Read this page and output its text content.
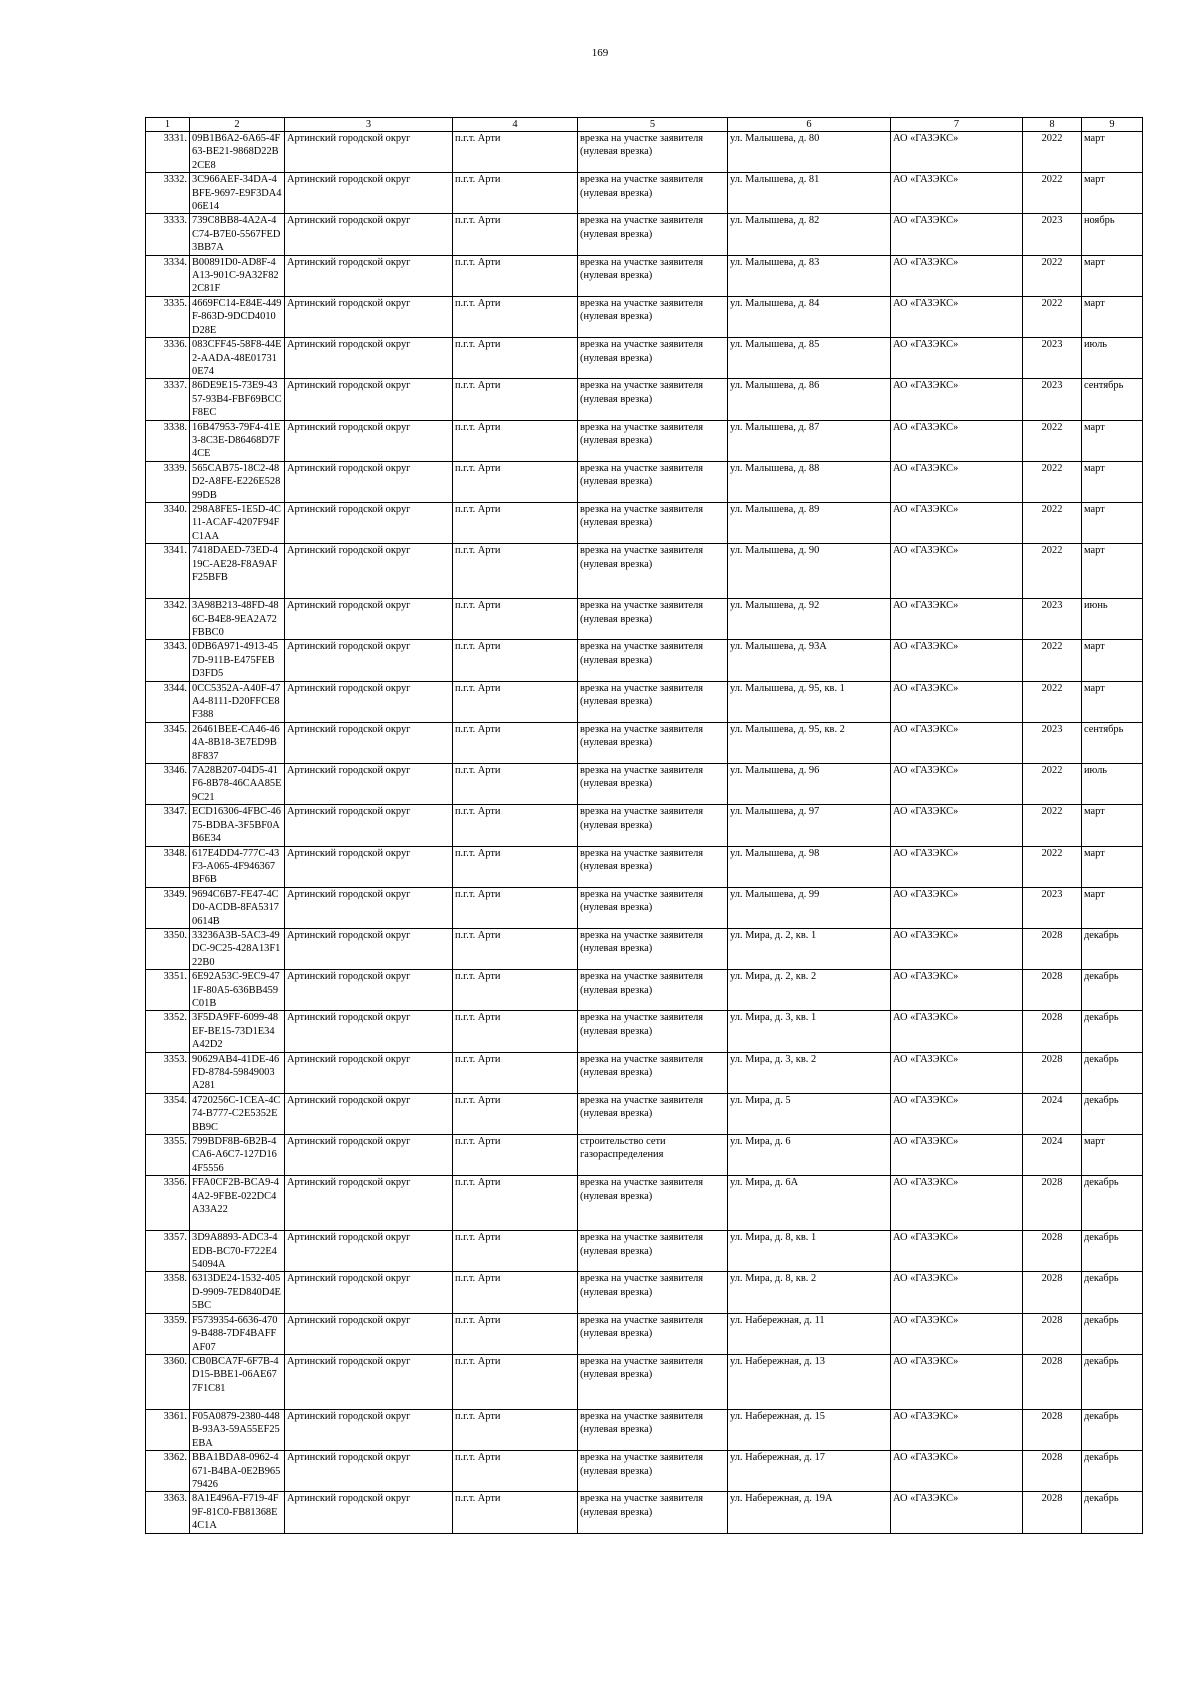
169
1	2	3	4	5	6	7	8	9
3331.	09B1B6A2-6A65-4F63-BE21-9868D22B2CE8	Артинский городской округ	п.г.т. Арти	врезка на участке заявителя (нулевая врезка)	ул. Малышева, д. 80	АО «ГАЗЭКС»	2022	март
3332.	3C966AEF-34DA-4BFE-9697-E9F3DA406E14	Артинский городской округ	п.г.т. Арти	врезка на участке заявителя (нулевая врезка)	ул. Малышева, д. 81	АО «ГАЗЭКС»	2022	март
3333.	739C8BB8-4A2A-4C74-B7E0-5567FED3BB7A	Артинский городской округ	п.г.т. Арти	врезка на участке заявителя (нулевая врезка)	ул. Малышева, д. 82	АО «ГАЗЭКС»	2023	ноябрь
3334.	B00891D0-AD8F-4A13-901C-9A32F822C81F	Артинский городской округ	п.г.т. Арти	врезка на участке заявителя (нулевая врезка)	ул. Малышева, д. 83	АО «ГАЗЭКС»	2022	март
3335.	4669FC14-E84E-449F-863D-9DCD4010D28E	Артинский городской округ	п.г.т. Арти	врезка на участке заявителя (нулевая врезка)	ул. Малышева, д. 84	АО «ГАЗЭКС»	2022	март
3336.	083CFF45-58F8-44E2-AADA-48E017310E74	Артинский городской округ	п.г.т. Арти	врезка на участке заявителя (нулевая врезка)	ул. Малышева, д. 85	АО «ГАЗЭКС»	2023	июль
3337.	86DE9E15-73E9-4357-93B4-FBF69BCCF8EC	Артинский городской округ	п.г.т. Арти	врезка на участке заявителя (нулевая врезка)	ул. Малышева, д. 86	АО «ГАЗЭКС»	2023	сентябрь
3338.	16B47953-79F4-41E3-8C3E-D86468D7F4CE	Артинский городской округ	п.г.т. Арти	врезка на участке заявителя (нулевая врезка)	ул. Малышева, д. 87	АО «ГАЗЭКС»	2022	март
3339.	565CAB75-18C2-48D2-A8FE-E226E52899DB	Артинский городской округ	п.г.т. Арти	врезка на участке заявителя (нулевая врезка)	ул. Малышева, д. 88	АО «ГАЗЭКС»	2022	март
3340.	298A8FE5-1E5D-4C11-ACAF-4207F94FC1AA	Артинский городской округ	п.г.т. Арти	врезка на участке заявителя (нулевая врезка)	ул. Малышева, д. 89	АО «ГАЗЭКС»	2022	март
3341.	7418DAED-73ED-419C-AE28-F8A9AFF25BFB	Артинский городской округ	п.г.т. Арти	врезка на участке заявителя (нулевая врезка)	ул. Малышева, д. 90	АО «ГАЗЭКС»	2022	март
3342.	3A98B213-48FD-486C-B4E8-9EA2A72FBBC0	Артинский городской округ	п.г.т. Арти	врезка на участке заявителя (нулевая врезка)	ул. Малышева, д. 92	АО «ГАЗЭКС»	2023	июнь
3343.	0DB6A971-4913-457D-911B-E475FEBD3FD5	Артинский городской округ	п.г.т. Арти	врезка на участке заявителя (нулевая врезка)	ул. Малышева, д. 93А	АО «ГАЗЭКС»	2022	март
3344.	0CC5352A-A40F-47A4-8111-D20FFCE8F388	Артинский городской округ	п.г.т. Арти	врезка на участке заявителя (нулевая врезка)	ул. Малышева, д. 95, кв. 1	АО «ГАЗЭКС»	2022	март
3345.	26461BEE-CA46-464A-8B18-3E7ED9B8F837	Артинский городской округ	п.г.т. Арти	врезка на участке заявителя (нулевая врезка)	ул. Малышева, д. 95, кв. 2	АО «ГАЗЭКС»	2023	сентябрь
3346.	7A28B207-04D5-41F6-8B78-46CAA85E9C21	Артинский городской округ	п.г.т. Арти	врезка на участке заявителя (нулевая врезка)	ул. Малышева, д. 96	АО «ГАЗЭКС»	2022	июль
3347.	ECD16306-4FBC-4675-BDBA-3F5BF0AB6E34	Артинский городской округ	п.г.т. Арти	врезка на участке заявителя (нулевая врезка)	ул. Малышева, д. 97	АО «ГАЗЭКС»	2022	март
3348.	617E4DD4-777C-43F3-A065-4F946367BF6B	Артинский городской округ	п.г.т. Арти	врезка на участке заявителя (нулевая врезка)	ул. Малышева, д. 98	АО «ГАЗЭКС»	2022	март
3349.	9694C6B7-FE47-4CD0-ACDB-8FA53170614B	Артинский городской округ	п.г.т. Арти	врезка на участке заявителя (нулевая врезка)	ул. Малышева, д. 99	АО «ГАЗЭКС»	2023	март
3350.	33236A3B-5AC3-49DC-9C25-428A13F122B0	Артинский городской округ	п.г.т. Арти	врезка на участке заявителя (нулевая врезка)	ул. Мира, д. 2, кв. 1	АО «ГАЗЭКС»	2028	декабрь
3351.	6E92A53C-9EC9-471F-80A5-636BB459C01B	Артинский городской округ	п.г.т. Арти	врезка на участке заявителя (нулевая врезка)	ул. Мира, д. 2, кв. 2	АО «ГАЗЭКС»	2028	декабрь
3352.	3F5DA9FF-6099-48EF-BE15-73D1E34A42D2	Артинский городской округ	п.г.т. Арти	врезка на участке заявителя (нулевая врезка)	ул. Мира, д. 3, кв. 1	АО «ГАЗЭКС»	2028	декабрь
3353.	90629AB4-41DE-46FD-8784-59849003A281	Артинский городской округ	п.г.т. Арти	врезка на участке заявителя (нулевая врезка)	ул. Мира, д. 3, кв. 2	АО «ГАЗЭКС»	2028	декабрь
3354.	4720256C-1CEA-4C74-B777-C2E5352EBB9C	Артинский городской округ	п.г.т. Арти	врезка на участке заявителя (нулевая врезка)	ул. Мира, д. 5	АО «ГАЗЭКС»	2024	декабрь
3355.	799BDF8B-6B2B-4CA6-A6C7-127D164F5556	Артинский городской округ	п.г.т. Арти	строительство сети газораспределения	ул. Мира, д. 6	АО «ГАЗЭКС»	2024	март
3356.	FFA0CF2B-BCA9-44A2-9FBE-022DC4A33A22	Артинский городской округ	п.г.т. Арти	врезка на участке заявителя (нулевая врезка)	ул. Мира, д. 6А	АО «ГАЗЭКС»	2028	декабрь
3357.	3D9A8893-ADC3-4EDB-BC70-F722E454094A	Артинский городской округ	п.г.т. Арти	врезка на участке заявителя (нулевая врезка)	ул. Мира, д. 8, кв. 1	АО «ГАЗЭКС»	2028	декабрь
3358.	6313DE24-1532-405D-9909-7ED840D4E5BC	Артинский городской округ	п.г.т. Арти	врезка на участке заявителя (нулевая врезка)	ул. Мира, д. 8, кв. 2	АО «ГАЗЭКС»	2028	декабрь
3359.	F5739354-6636-4709-B488-7DF4BAFFAF07	Артинский городской округ	п.г.т. Арти	врезка на участке заявителя (нулевая врезка)	ул. Набережная, д. 11	АО «ГАЗЭКС»	2028	декабрь
3360.	CB0BCA7F-6F7B-4D15-BBE1-06AE677F1C81	Артинский городской округ	п.г.т. Арти	врезка на участке заявителя (нулевая врезка)	ул. Набережная, д. 13	АО «ГАЗЭКС»	2028	декабрь
3361.	F05A0879-2380-448B-93A3-59A55EF25EBA	Артинский городской округ	п.г.т. Арти	врезка на участке заявителя (нулевая врезка)	ул. Набережная, д. 15	АО «ГАЗЭКС»	2028	декабрь
3362.	BBA1BDA8-0962-4671-B4BA-0E2B96579426	Артинский городской округ	п.г.т. Арти	врезка на участке заявителя (нулевая врезка)	ул. Набережная, д. 17	АО «ГАЗЭКС»	2028	декабрь
3363.	8A1E496A-F719-4F9F-81C0-FB81368E4C1A	Артинский городской округ	п.г.т. Арти	врезка на участке заявителя (нулевая врезка)	ул. Набережная, д. 19А	АО «ГАЗЭКС»	2028	декабрь
